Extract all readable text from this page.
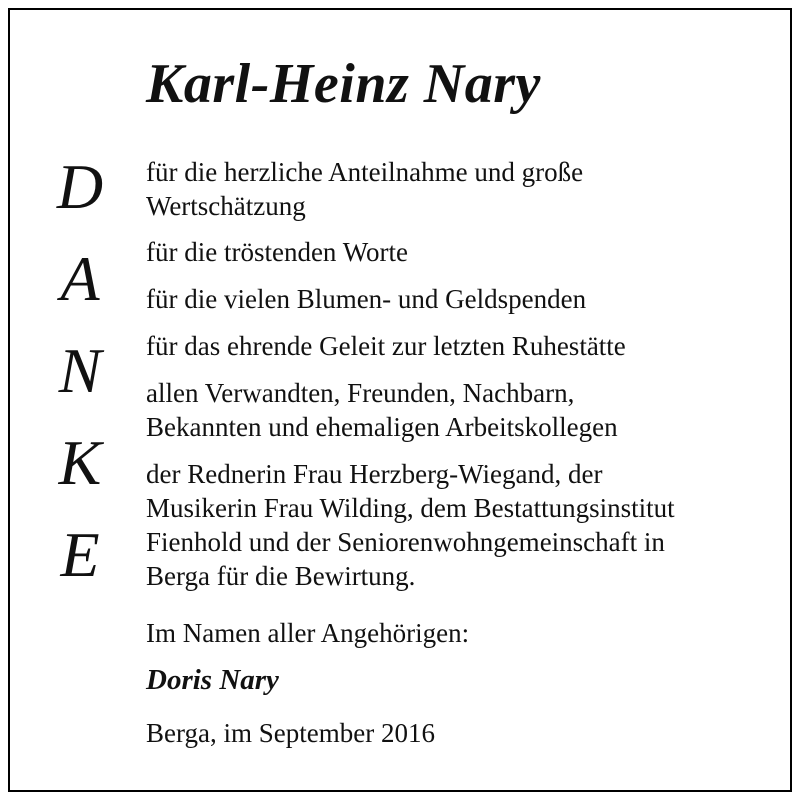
Karl-Heinz Nary
D
A
N
K
E
für die herzliche Anteilnahme und große
Wertschätzung
für die tröstenden Worte
für die vielen Blumen- und Geldspenden
für das ehrende Geleit zur letzten Ruhestätte
allen Verwandten, Freunden, Nachbarn,
Bekannten und ehemaligen Arbeitskollegen
der Rednerin Frau Herzberg-Wiegand, der
Musikerin Frau Wilding, dem Bestattungsinstitut
Fienhold und der Seniorenwohngemeinschaft in
Berga für die Bewirtung.
Im Namen aller Angehörigen:
Doris Nary
Berga, im September 2016
